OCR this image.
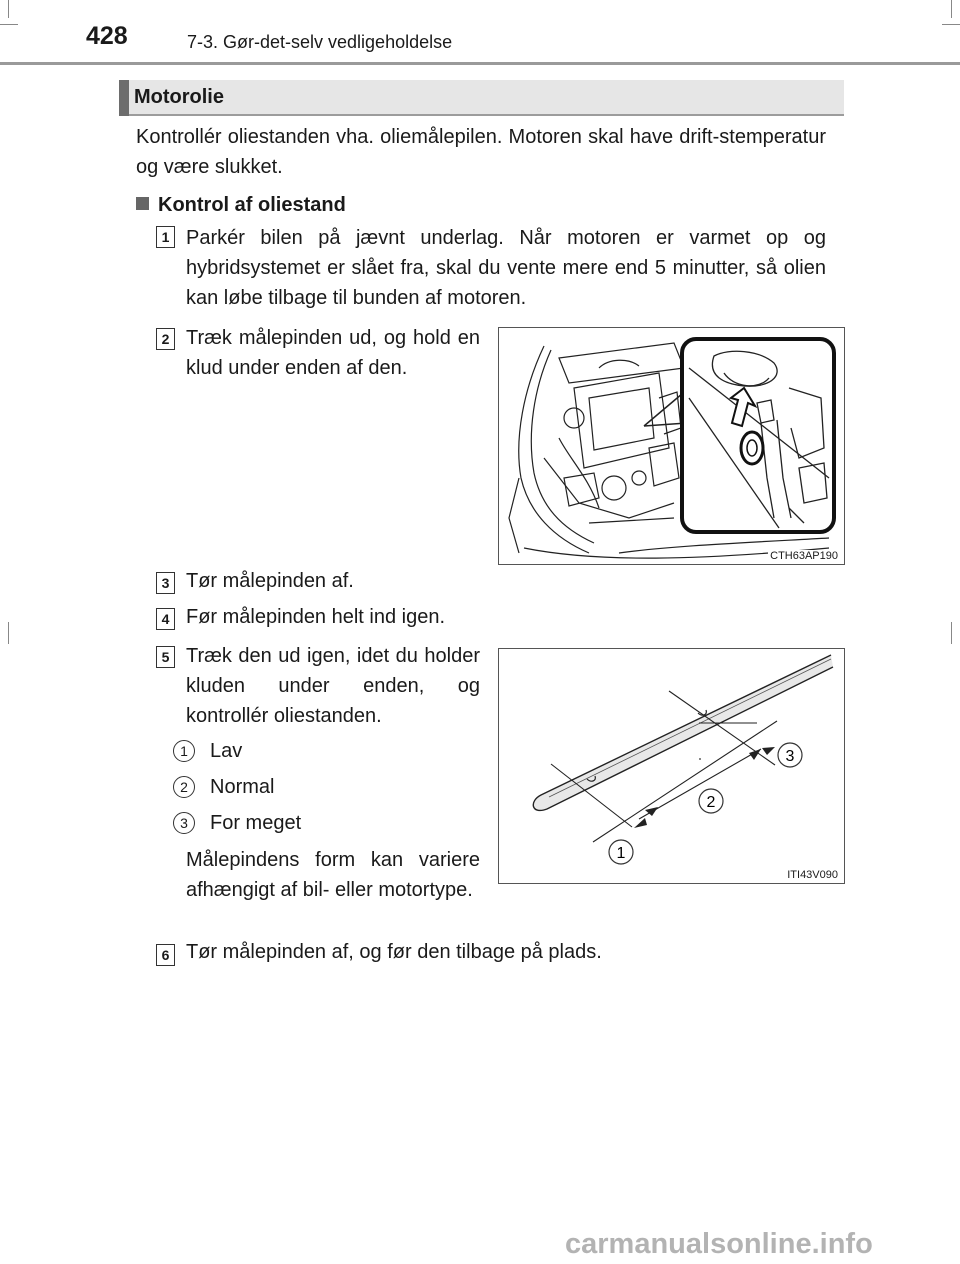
428	7-3. Gør-det-selv vedligeholdelse
Motorolie
Kontrollér oliestanden vha. oliemålepilen. Motoren skal have drift-stemperatur og være slukket.
Kontrol af oliestand
1 Parkér bilen på jævnt underlag. Når motoren er varmet op og hybridsystemet er slået fra, skal du vente mere end 5 minutter, så olien kan løbe tilbage til bunden af motoren.
2 Træk målepinden ud, og hold en klud under enden af den.
CTH63AP190
3 Tør målepinden af.
4 Før målepinden helt ind igen.
5 Træk den ud igen, idet du holder kluden under enden, og kontrollér oliestanden.
1	Lav
2	Normal
3	For meget
Målepindens form kan variere afhængigt af bil- eller motortype.
3
2
1
ITI43V090
6 Tør målepinden af, og før den tilbage på plads.
carmanualsonline.info
